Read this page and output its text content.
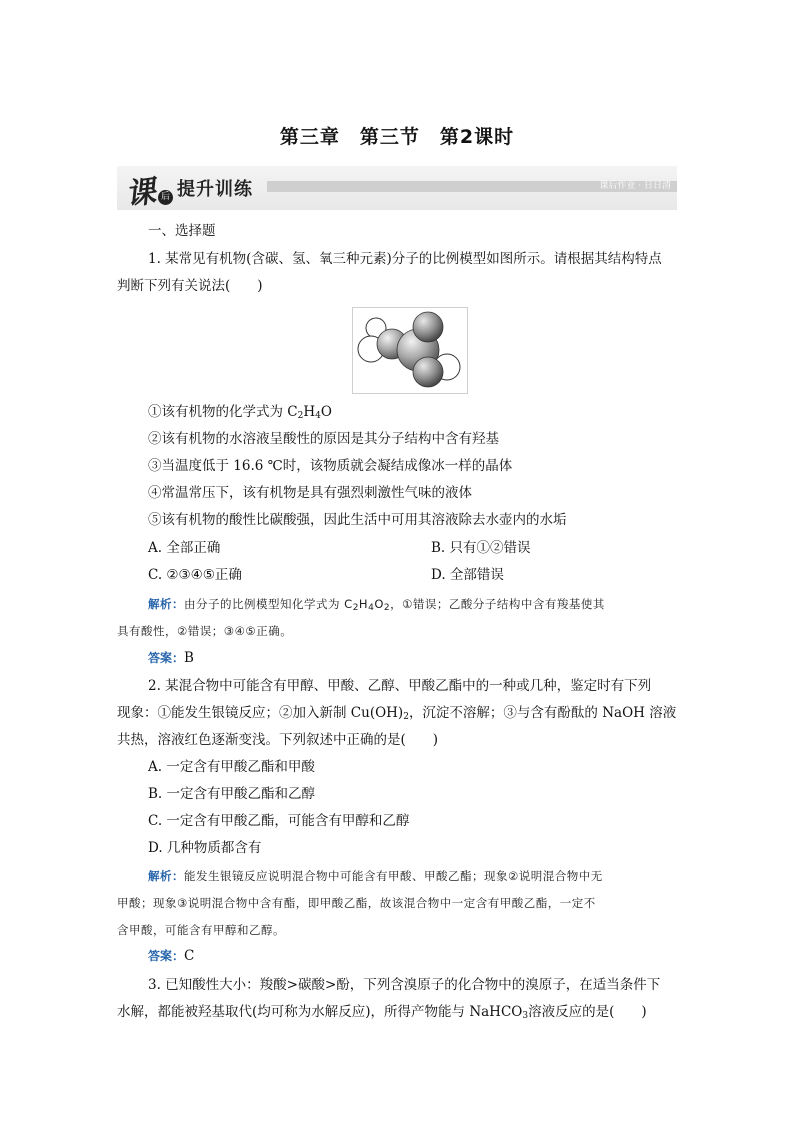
第三章　第三节　第2课时
课 后 提升训练	课后作业 · 日日清
一、选择题
1. 某常见有机物(含碳、氢、氧三种元素)分子的比例模型如图所示。请根据其结构特点
判断下列有关说法(　　)
①该有机物的化学式为 $C_2H_4O$
②该有机物的水溶液呈酸性的原因是其分子结构中含有羟基
③当温度低于 16.6 ℃时，该物质就会凝结成像冰一样的晶体
④常温常压下，该有机物是具有强烈刺激性气味的液体
⑤该有机物的酸性比碳酸强，因此生活中可用其溶液除去水壶内的水垢
A. 全部正确	B. 只有①②错误
C. ②③④⑤正确	D. 全部错误
解析：由分子的比例模型知化学式为 $C_2H_4O_2$，①错误；乙酸分子结构中含有羧基使其
具有酸性，②错误；③④⑤正确。
答案：B
2. 某混合物中可能含有甲醇、甲酸、乙醇、甲酸乙酯中的一种或几种，鉴定时有下列
现象：①能发生银镜反应；②加入新制 $Cu(OH)_2$，沉淀不溶解；③与含有酚酞的 NaOH 溶液
共热，溶液红色逐渐变浅。下列叙述中正确的是(　　)
A. 一定含有甲酸乙酯和甲酸
B. 一定含有甲酸乙酯和乙醇
C. 一定含有甲酸乙酯，可能含有甲醇和乙醇
D. 几种物质都含有
解析：能发生银镜反应说明混合物中可能含有甲酸、甲酸乙酯；现象②说明混合物中无
甲酸；现象③说明混合物中含有酯，即甲酸乙酯，故该混合物中一定含有甲酸乙酯，一定不
含甲酸，可能含有甲醇和乙醇。
答案：C
3. 已知酸性大小：羧酸>碳酸>酚，下列含溴原子的化合物中的溴原子，在适当条件下
水解，都能被羟基取代(均可称为水解反应)，所得产物能与 NaHCO$_3$溶液反应的是(　　)
